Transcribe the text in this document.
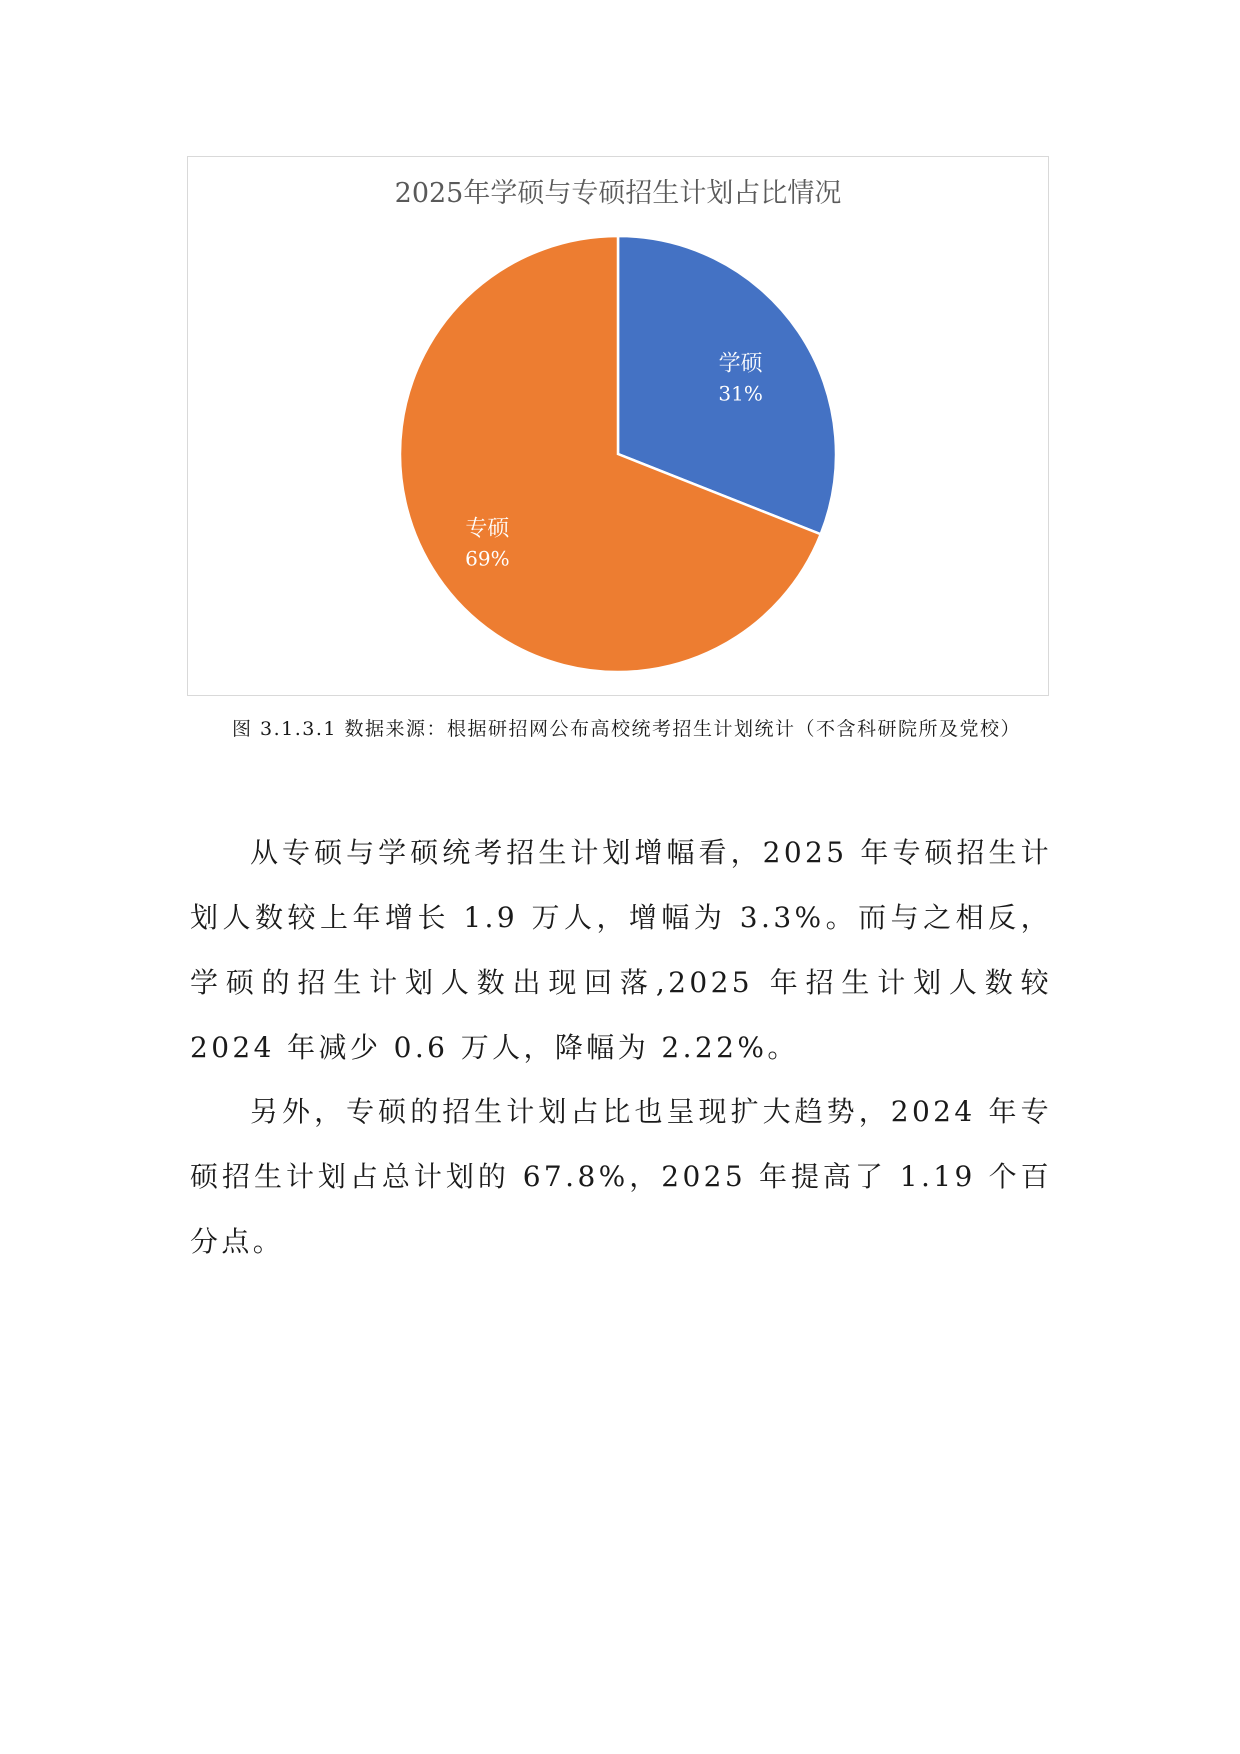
2025年学硕与专硕招生计划占比情况
学硕
31%
专硕
69%
图 3.1.3.1 数据来源：根据研招网公布高校统考招生计划统计（不含科研院所及党校）

从专硕与学硕统考招生计划增幅看，2025 年专硕招生计划人数较上年增长 1.9 万人，增幅为 3.3%。而与之相反，学硕的招生计划人数出现回落,2025 年招生计划人数较 2024 年减少 0.6 万人，降幅为 2.22%。

另外，专硕的招生计划占比也呈现扩大趋势，2024 年专硕招生计划占总计划的 67.8%，2025 年提高了 1.19 个百分点。
